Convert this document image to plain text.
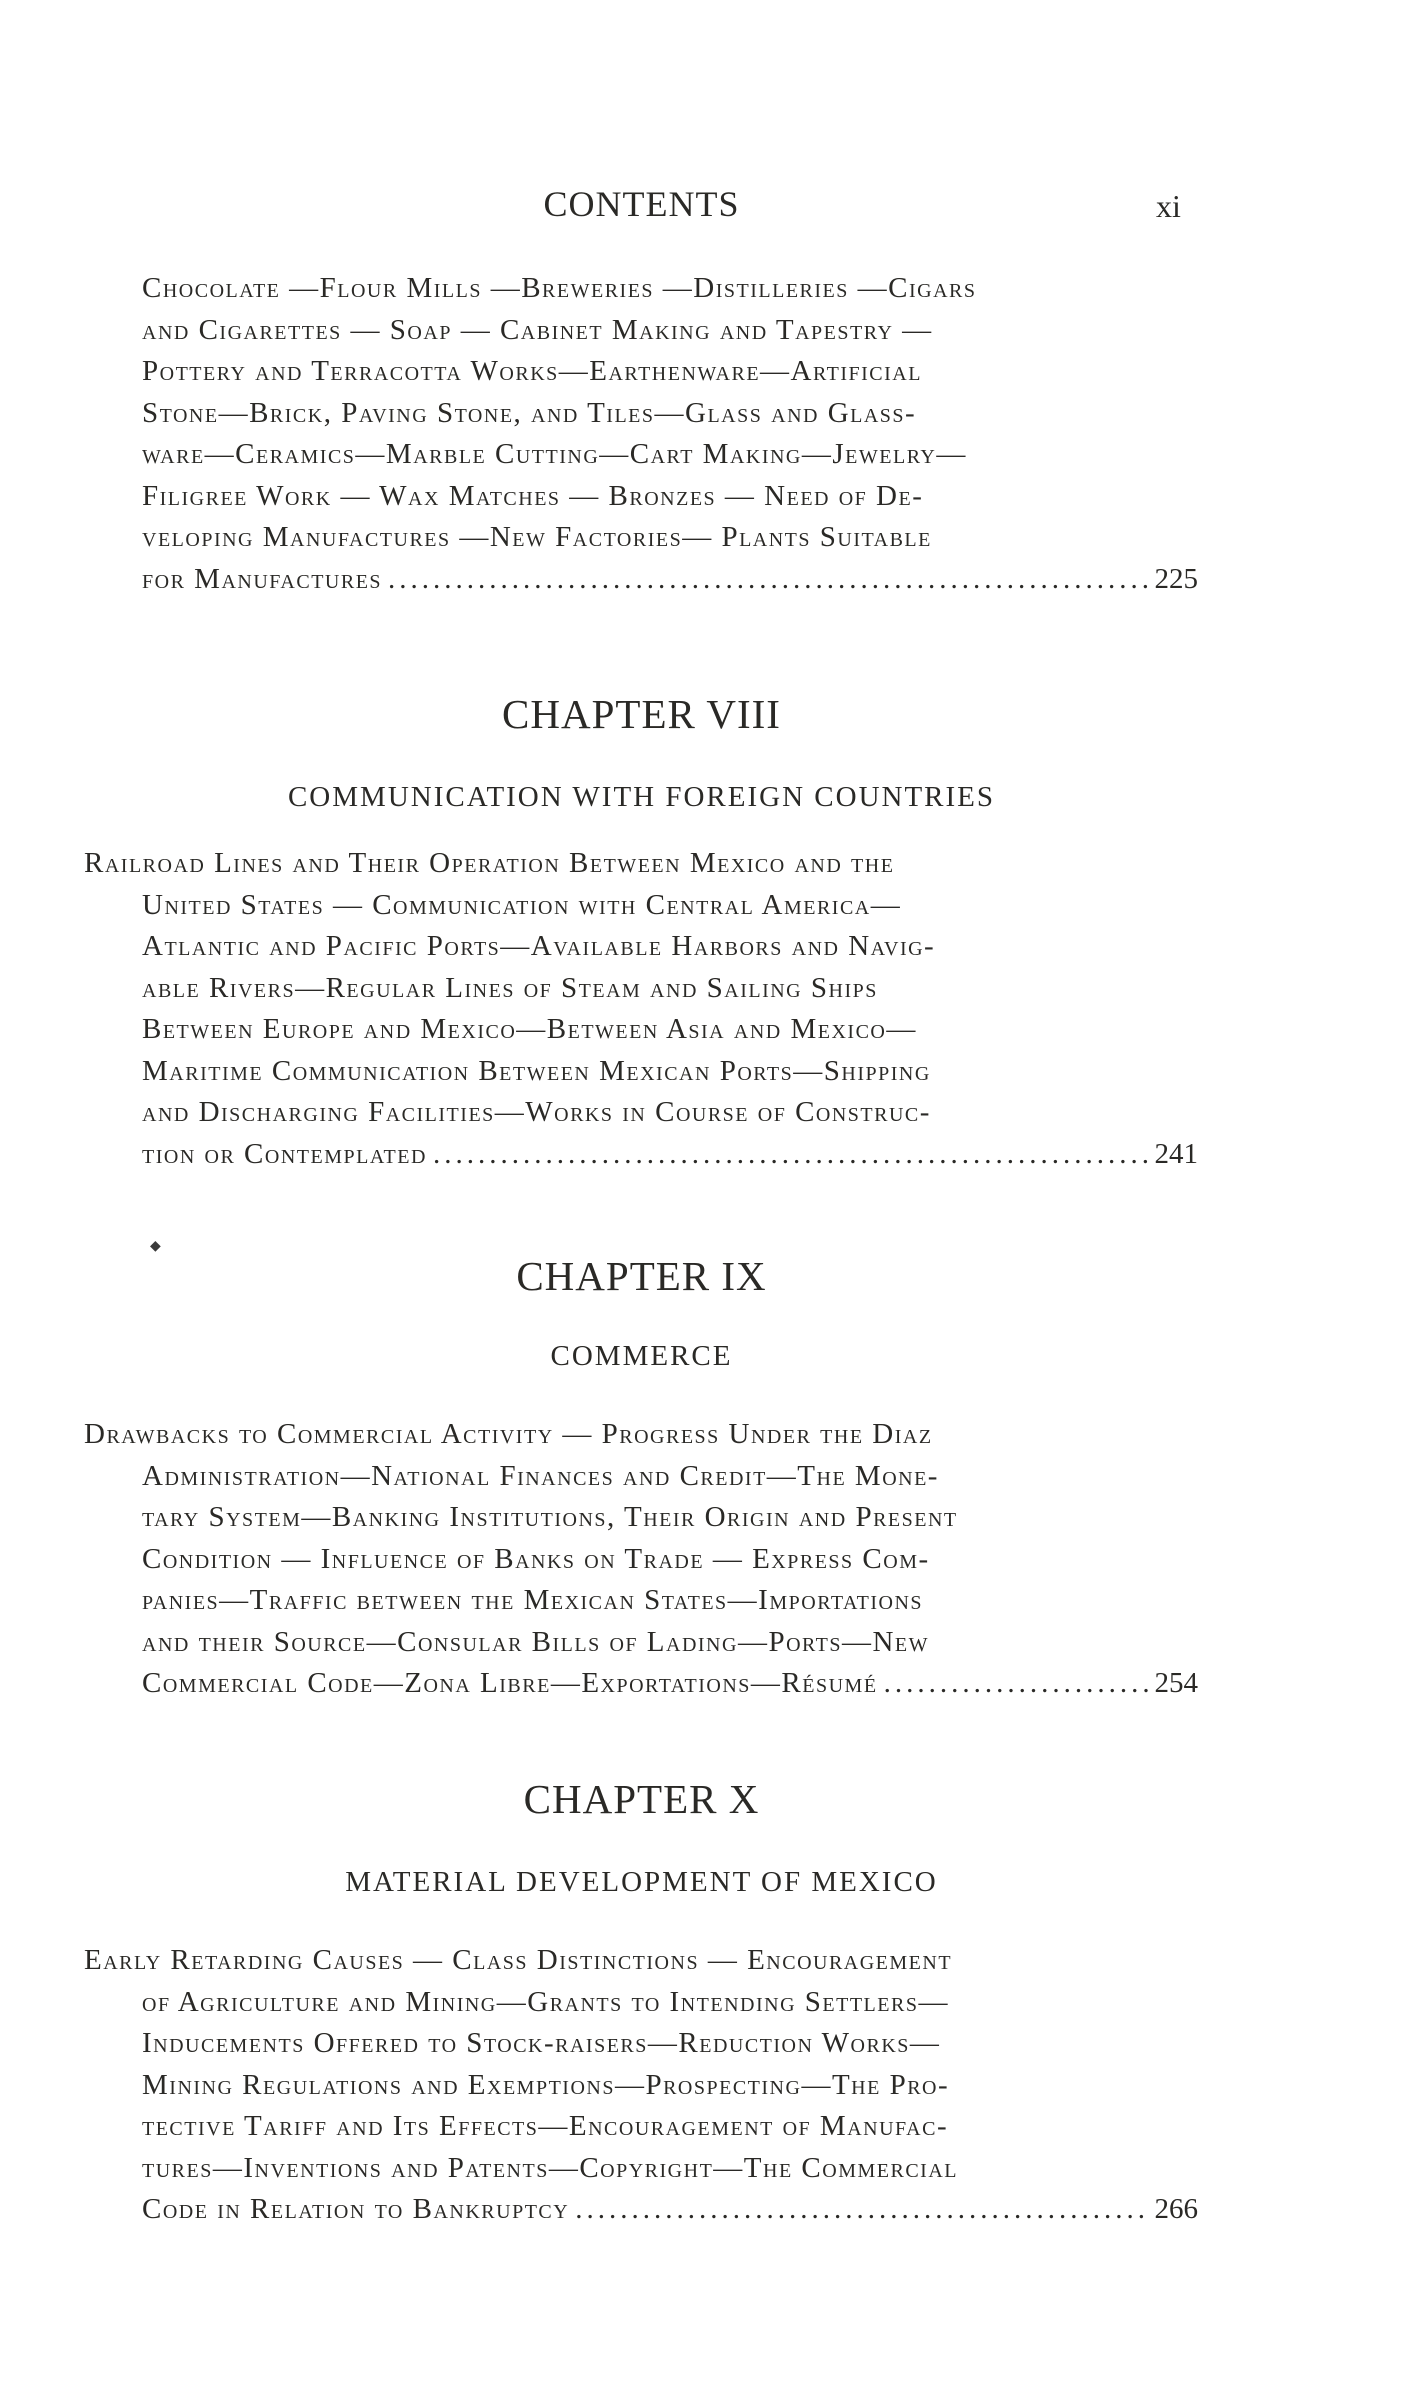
CONTENTS	xi
Chocolate —Flour Mills —Breweries —Distilleries —Cigars
and Cigarettes — Soap — Cabinet Making and Tapestry —
Pottery and Terracotta Works—Earthenware—Artificial
Stone—Brick, Paving Stone, and Tiles—Glass and Glass-
ware—Ceramics—Marble Cutting—Cart Making—Jewelry—
Filigree Work — Wax Matches — Bronzes — Need of De-
veloping Manufactures —New Factories— Plants Suitable
for Manufactures .....	225
CHAPTER VIII
COMMUNICATION WITH FOREIGN COUNTRIES
Railroad Lines and Their Operation Between Mexico and the
United States — Communication with Central America—
Atlantic and Pacific Ports—Available Harbors and Navig-
able Rivers—Regular Lines of Steam and Sailing Ships
Between Europe and Mexico—Between Asia and Mexico—
Maritime Communication Between Mexican Ports—Shipping
and Discharging Facilities—Works in Course of Construc-
tion or Contemplated .....	241
◆
CHAPTER IX
COMMERCE
Drawbacks to Commercial Activity — Progress Under the Diaz
Administration—National Finances and Credit—The Mone-
tary System—Banking Institutions, Their Origin and Present
Condition — Influence of Banks on Trade — Express Com-
panies—Traffic between the Mexican States—Importations
and their Source—Consular Bills of Lading—Ports—New
Commercial Code—Zona Libre—Exportations—Résumé .....	254
CHAPTER X
MATERIAL DEVELOPMENT OF MEXICO
Early Retarding Causes — Class Distinctions — Encouragement
of Agriculture and Mining—Grants to Intending Settlers—
Inducements Offered to Stock-raisers—Reduction Works—
Mining Regulations and Exemptions—Prospecting—The Pro-
tective Tariff and Its Effects—Encouragement of Manufac-
tures—Inventions and Patents—Copyright—The Commercial
Code in Relation to Bankruptcy .....	266
